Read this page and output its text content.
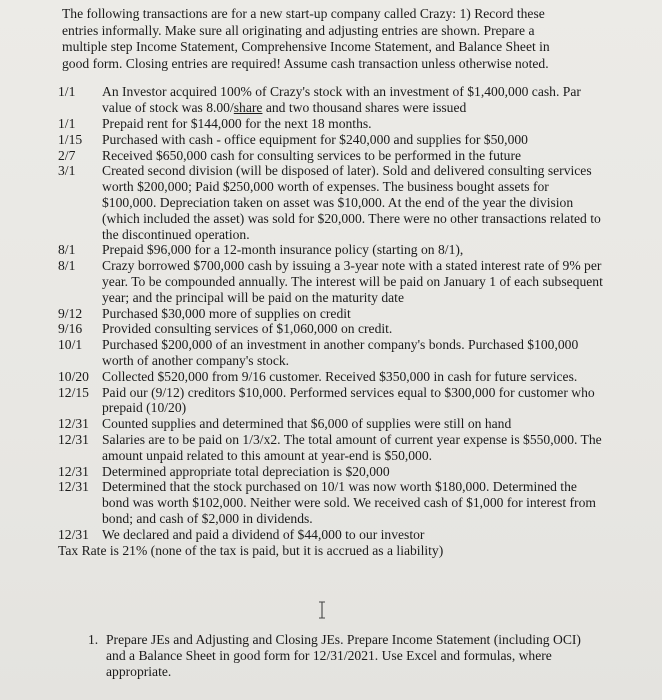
The following transactions are for a new start-up company called Crazy: 1) Record these entries informally. Make sure all originating and adjusting entries are shown. Prepare a multiple step Income Statement, Comprehensive Income Statement, and Balance Sheet in good form. Closing entries are required! Assume cash transaction unless otherwise noted.

1/1	An Investor acquired 100% of Crazy's stock with an investment of $1,400,000 cash. Par value of stock was 8.00/share and two thousand shares were issued
1/1	Prepaid rent for $144,000 for the next 18 months.
1/15	Purchased with cash - office equipment for $240,000 and supplies for $50,000
2/7	Received $650,000 cash for consulting services to be performed in the future
3/1	Created second division (will be disposed of later). Sold and delivered consulting services worth $200,000; Paid $250,000 worth of expenses. The business bought assets for $100,000. Depreciation taken on asset was $10,000. At the end of the year the division (which included the asset) was sold for $20,000. There were no other transactions related to the discontinued operation.
8/1	Prepaid $96,000 for a 12-month insurance policy (starting on 8/1),
8/1	Crazy borrowed $700,000 cash by issuing a 3-year note with a stated interest rate of 9% per year. To be compounded annually. The interest will be paid on January 1 of each subsequent year; and the principal will be paid on the maturity date
9/12	Purchased $30,000 more of supplies on credit
9/16	Provided consulting services of $1,060,000 on credit.
10/1	Purchased $200,000 of an investment in another company's bonds. Purchased $100,000 worth of another company's stock.
10/20 Collected $520,000 from 9/16 customer. Received $350,000 in cash for future services.
12/15 Paid our (9/12) creditors $10,000. Performed services equal to $300,000 for customer who prepaid (10/20)
12/31 Counted supplies and determined that $6,000 of supplies were still on hand
12/31 Salaries are to be paid on 1/3/x2. The total amount of current year expense is $550,000. The amount unpaid related to this amount at year-end is $50,000.
12/31 Determined appropriate total depreciation is $20,000
12/31 Determined that the stock purchased on 10/1 was now worth $180,000. Determined the bond was worth $102,000. Neither were sold. We received cash of $1,000 for interest from bond; and cash of $2,000 in dividends.
12/31 We declared and paid a dividend of $44,000 to our investor

Tax Rate is 21% (none of the tax is paid, but it is accrued as a liability)

1. Prepare JEs and Adjusting and Closing JEs. Prepare Income Statement (including OCI) and a Balance Sheet in good form for 12/31/2021. Use Excel and formulas, where appropriate.
